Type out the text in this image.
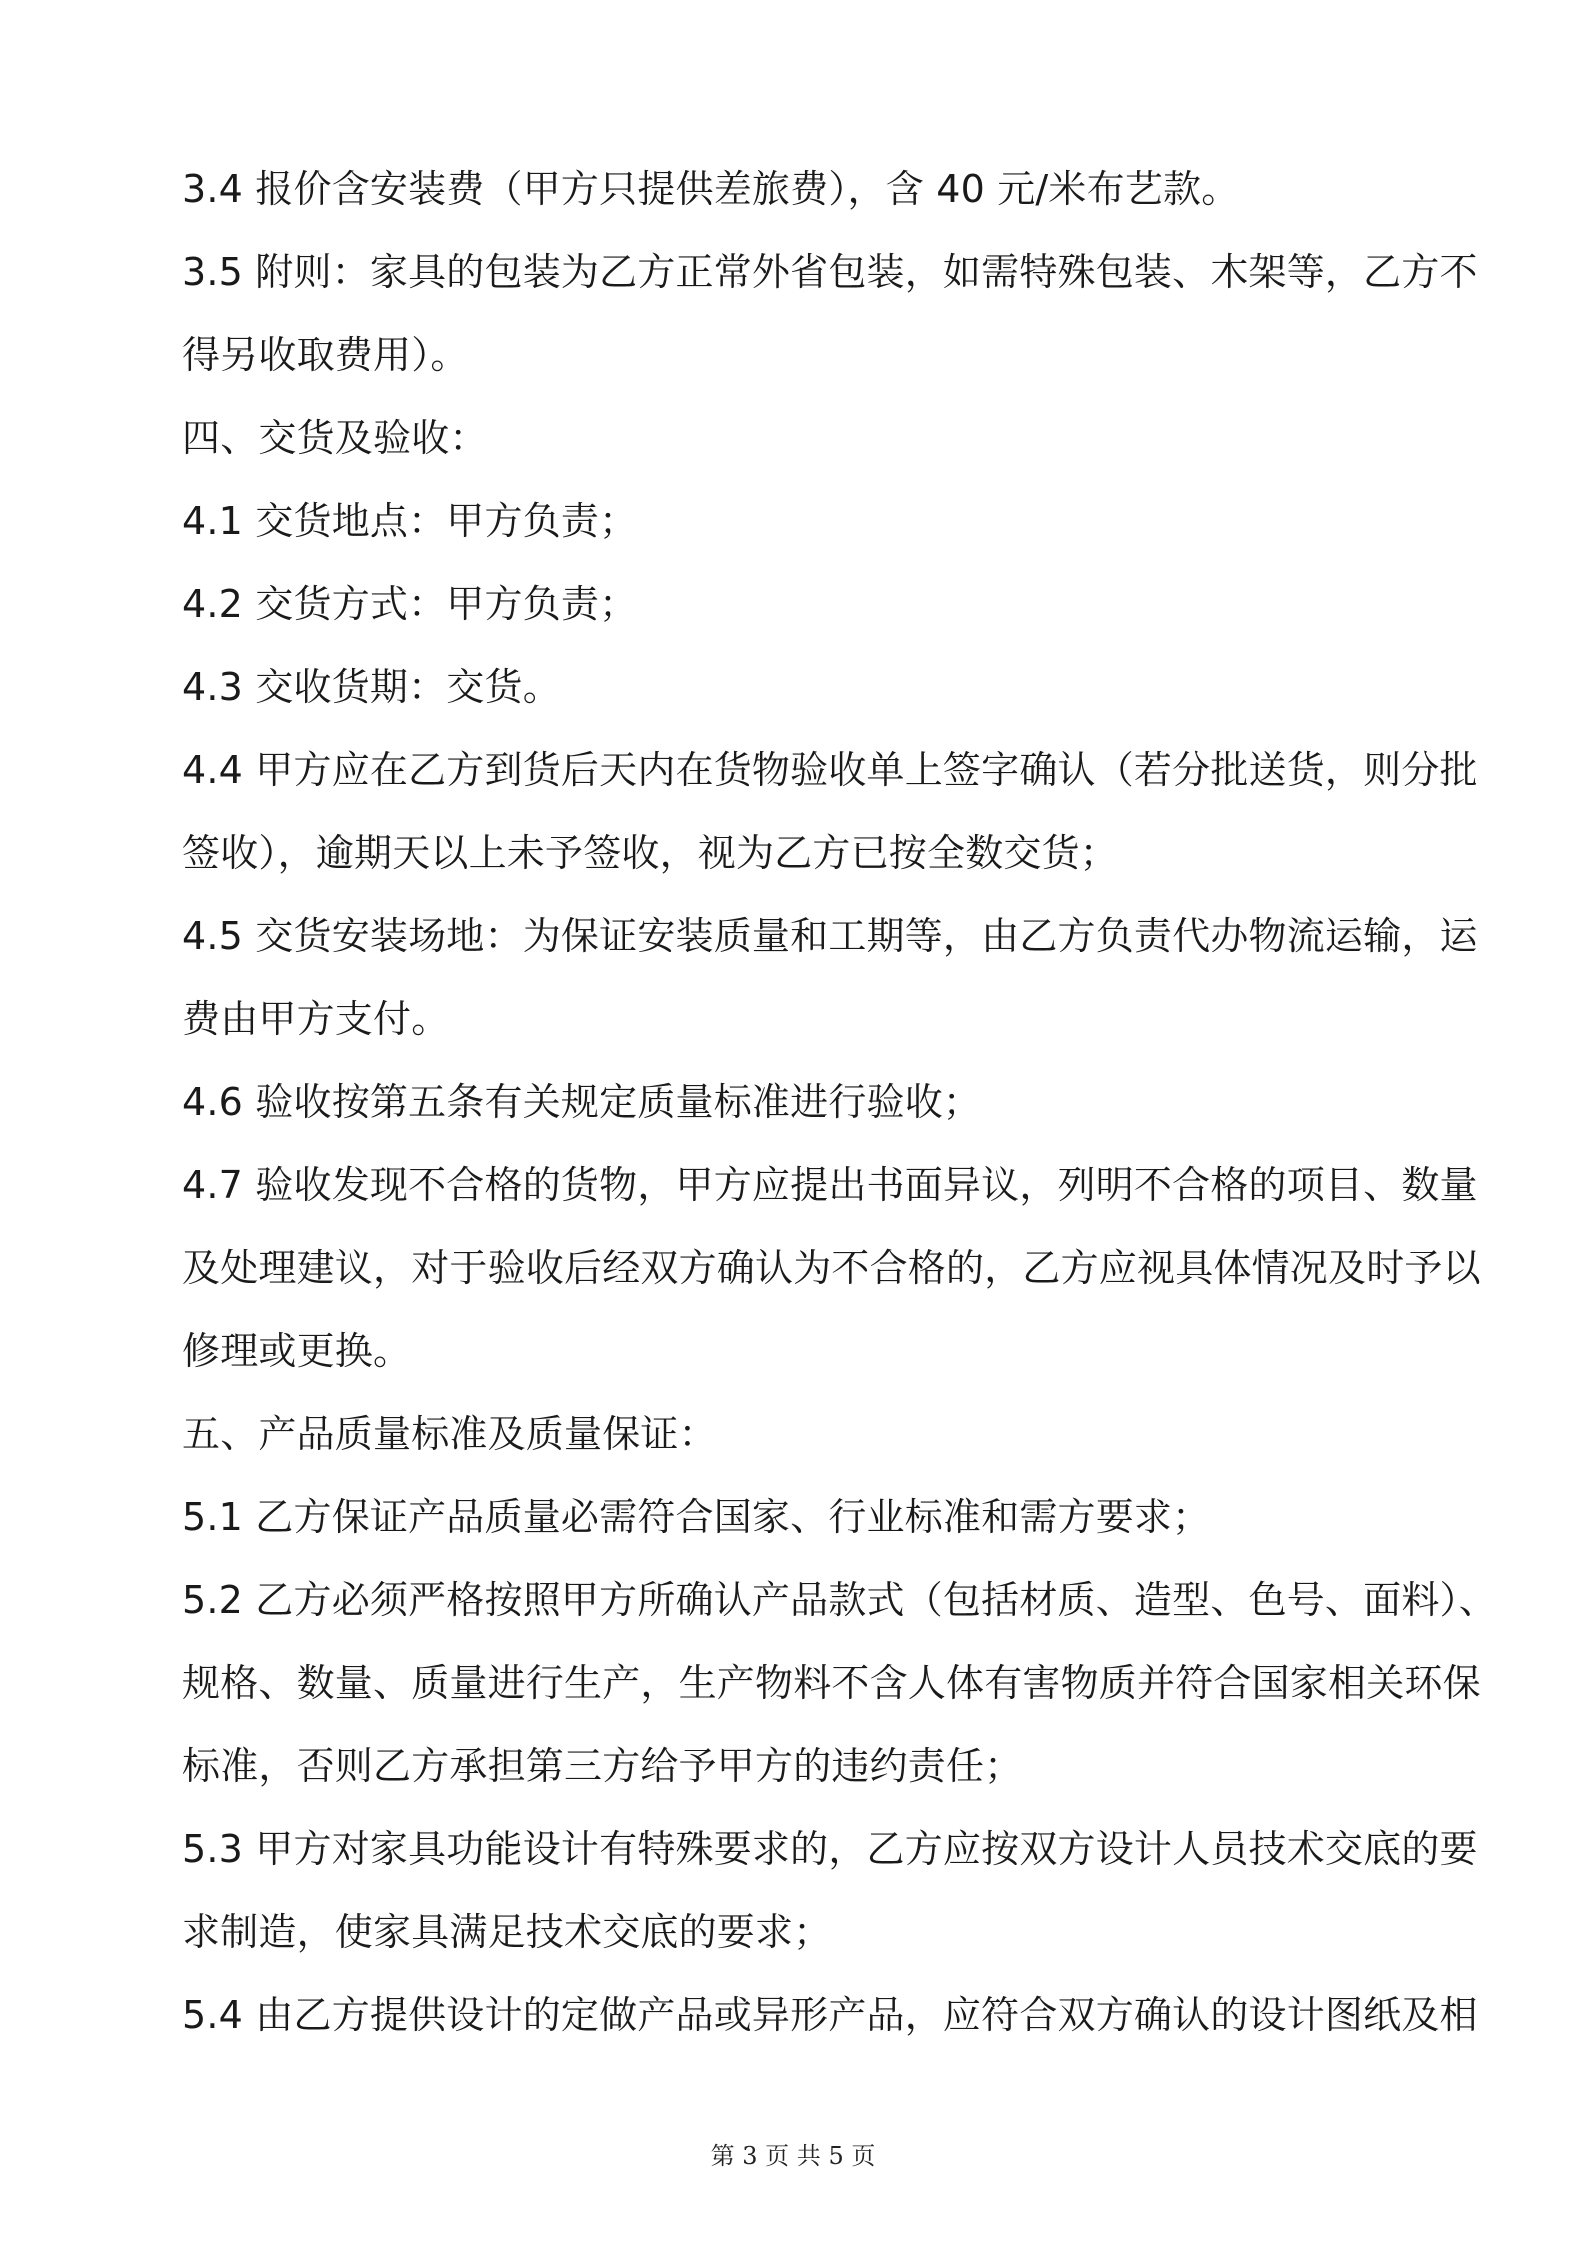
3.4 报价含安装费（甲方只提供差旅费），含 40 元/米布艺款。
3.5 附则：家具的包装为乙方正常外省包装，如需特殊包装、木架等，乙方不
得另收取费用）。
四、交货及验收：
4.1 交货地点：甲方负责；
4.2 交货方式：甲方负责；
4.3 交收货期：交货。
4.4 甲方应在乙方到货后天内在货物验收单上签字确认（若分批送货，则分批
签收），逾期天以上未予签收，视为乙方已按全数交货；
4.5 交货安装场地：为保证安装质量和工期等，由乙方负责代办物流运输，运
费由甲方支付。
4.6 验收按第五条有关规定质量标准进行验收；
4.7 验收发现不合格的货物，甲方应提出书面异议，列明不合格的项目、数量
及处理建议，对于验收后经双方确认为不合格的，乙方应视具体情况及时予以
修理或更换。
五、产品质量标准及质量保证：
5.1 乙方保证产品质量必需符合国家、行业标准和需方要求；
5.2 乙方必须严格按照甲方所确认产品款式（包括材质、造型、色号、面料）、
规格、数量、质量进行生产，生产物料不含人体有害物质并符合国家相关环保
标准，否则乙方承担第三方给予甲方的违约责任；
5.3 甲方对家具功能设计有特殊要求的，乙方应按双方设计人员技术交底的要
求制造，使家具满足技术交底的要求；
5.4 由乙方提供设计的定做产品或异形产品，应符合双方确认的设计图纸及相
第 3 页 共 5 页
